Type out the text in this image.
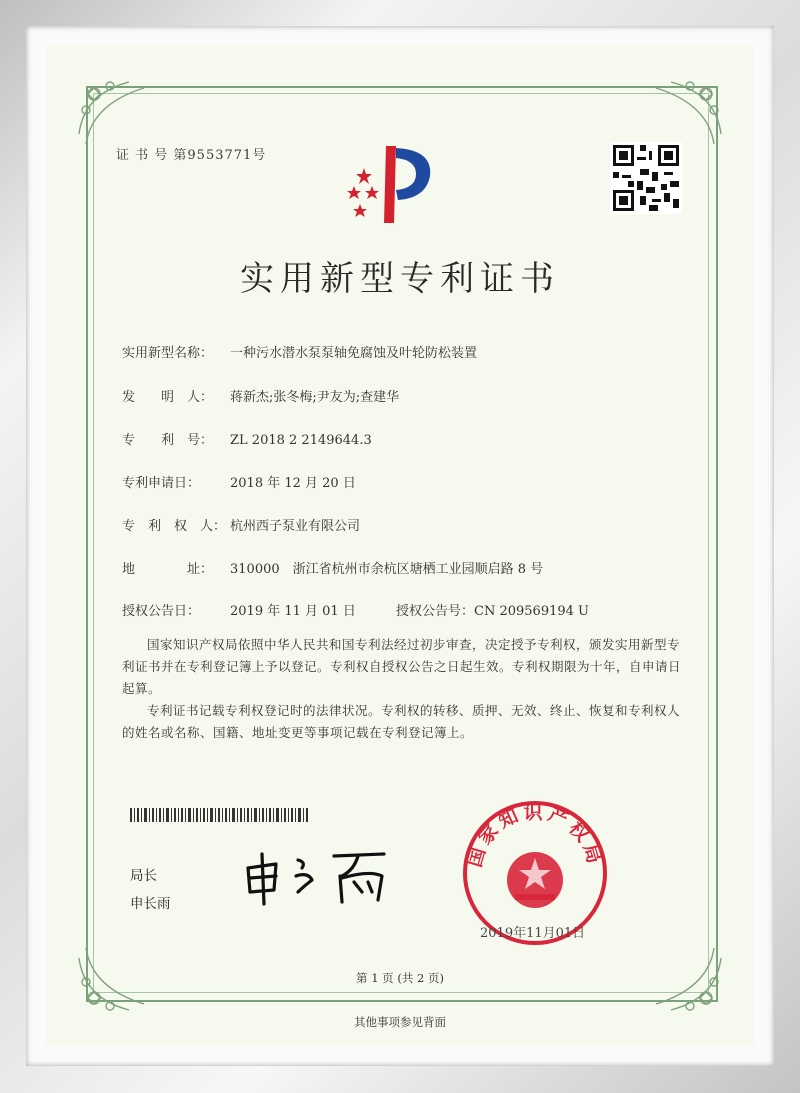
证 书 号 第9553771号
实用新型专利证书
实用新型名称： 一种污水潜水泵泵轴免腐蚀及叶轮防松装置
发　　明　人： 蒋新杰;张冬梅;尹友为;查建华
专　　利　号： ZL 2018 2 2149644.3
专利申请日： 2018 年 12 月 20 日
专　利　权　人： 杭州西子泵业有限公司
地　　　　址： 310000　浙江省杭州市余杭区塘栖工业园顺启路 8 号
授权公告日： 2019 年 11 月 01 日	授权公告号：CN 209569194 U
国家知识产权局依照中华人民共和国专利法经过初步审查，决定授予专利权，颁发实用新型专利证书并在专利登记簿上予以登记。专利权自授权公告之日起生效。专利权期限为十年，自申请日起算。
专利证书记载专利权登记时的法律状况。专利权的转移、质押、无效、终止、恢复和专利权人的姓名或名称、国籍、地址变更等事项记载在专利登记簿上。
局长
申长雨
国家知识产权局
2019年11月01日
第 1 页 (共 2 页)
其他事项参见背面
